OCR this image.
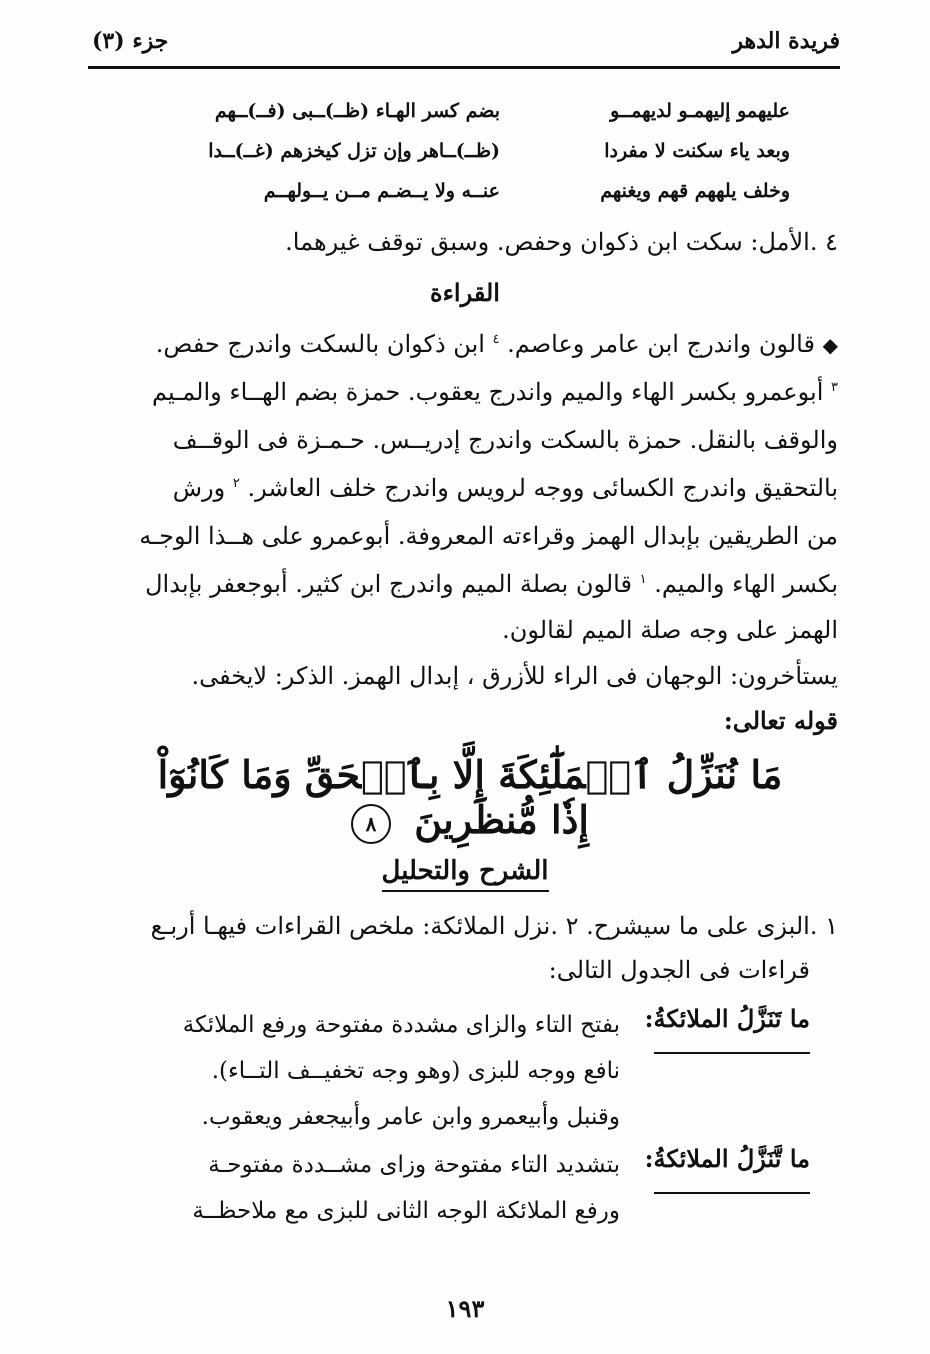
فريدة الدهر
جزء (٣)
عليهمو إليهمـو لديهمــو
بضم كسر الهـاء (ظــ)ــبى (فــ)ــهم
وبعد ياء سكنت لا مفردا
(ظــ)ــاهر وإن تزل كيخزهم (غــ)ــدا
وخلف يلههم قهم ويغنهم
عنــه ولا يــضـم مــن يــولهــم
٤ .الأمل: سكت ابن ذكوان وحفص. وسبق توقف غيرهما.
القراءة
◆ قالون واندرج ابن عامر وعاصم. $^٤$ ابن ذكوان بالسكت واندرج حفص.
$^٣$ أبوعمرو بكسر الهاء والميم واندرج يعقوب. حمزة بضم الهــاء والمـيم
والوقف بالنقل. حمزة بالسكت واندرج إدريــس. حـمـزة فى الوقــف
بالتحقيق واندرج الكسائى ووجه لرويس واندرج خلف العاشر. $^٢$ ورش
من الطريقين بإبدال الهمز وقراءته المعروفة. أبوعمرو على هــذا الوجـه
بكسر الهاء والميم. $^١$ قالون بصلة الميم واندرج ابن كثير. أبوجعفر بإبدال
الهمز على وجه صلة الميم لقالون.
يستأخرون: الوجهان فى الراء للأزرق ، إبدال الهمز. الذكر: لايخفى.
قوله تعالى:
مَا نُنَزِّلُ ٱلۡمَلَٰٓئِكَةَ إِلَّا بِٱلۡحَقِّ وَمَا كَانُوٓاْ إِذٗا مُّنظَرِينَ ٨
الشرح والتحليل
١ .البزى على ما سيشرح. ٢ .نزل الملائكة: ملخص القراءات فيهـا أربـع
قراءات فى الجدول التالى:
ما تَنَزَّلُ الملائكةُ:
بفتح التاء والزاى مشددة مفتوحة ورفع الملائكة
نافع ووجه للبزى (وهو وجه تخفيــف التــاء).
وقنبل وأبيعمرو وابن عامر وأبيجعفر ويعقوب.
ما تَّنَزَّلُ الملائكةُ:
بتشديد التاء مفتوحة وزاى مشــددة مفتوحـة
ورفع الملائكة الوجه الثانى للبزى مع ملاحظــة
١٩٣
